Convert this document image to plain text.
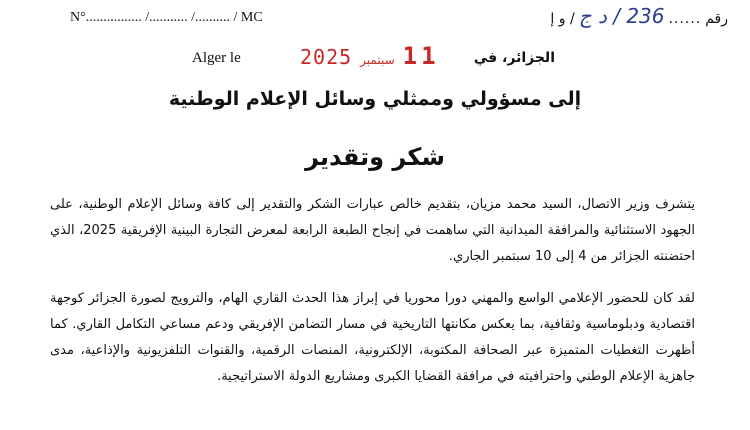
N°................ /........... /.......... / MC	رقم
......
236 / د ج
/ و إ
Alger le	2025 سبتمبر 11 الجزائر، في
إلى مسؤولي وممثلي وسائل الإعلام الوطنية
شكر وتقدير

يتشرف وزير الاتصال، السيد محمد مزيان، بتقديم خالص عبارات الشكر والتقدير إلى كافة وسائل الإعلام الوطنية، على الجهود الاستثنائية والمرافقة الميدانية التي ساهمت في إنجاح الطبعة الرابعة لمعرض التجارة البينية الإفريقية 2025، الذي احتضنته الجزائر من 4 إلى 10 سبتمبر الجاري.

لقد كان للحضور الإعلامي الواسع والمهني دورا محوريا في إبراز هذا الحدث القاري الهام، والترويج لصورة الجزائر كوجهة اقتصادية ودبلوماسية وثقافية، بما يعكس مكانتها التاريخية في مسار التضامن الإفريقي ودعم مساعي التكامل القاري. كما أظهرت التغطيات المتميزة عبر الصحافة المكتوبة، الإلكترونية، المنصات الرقمية، والقنوات التلفزيونية والإذاعية، مدى جاهزية الإعلام الوطني واحترافيته في مرافقة القضايا الكبرى ومشاريع الدولة الاستراتيجية.
